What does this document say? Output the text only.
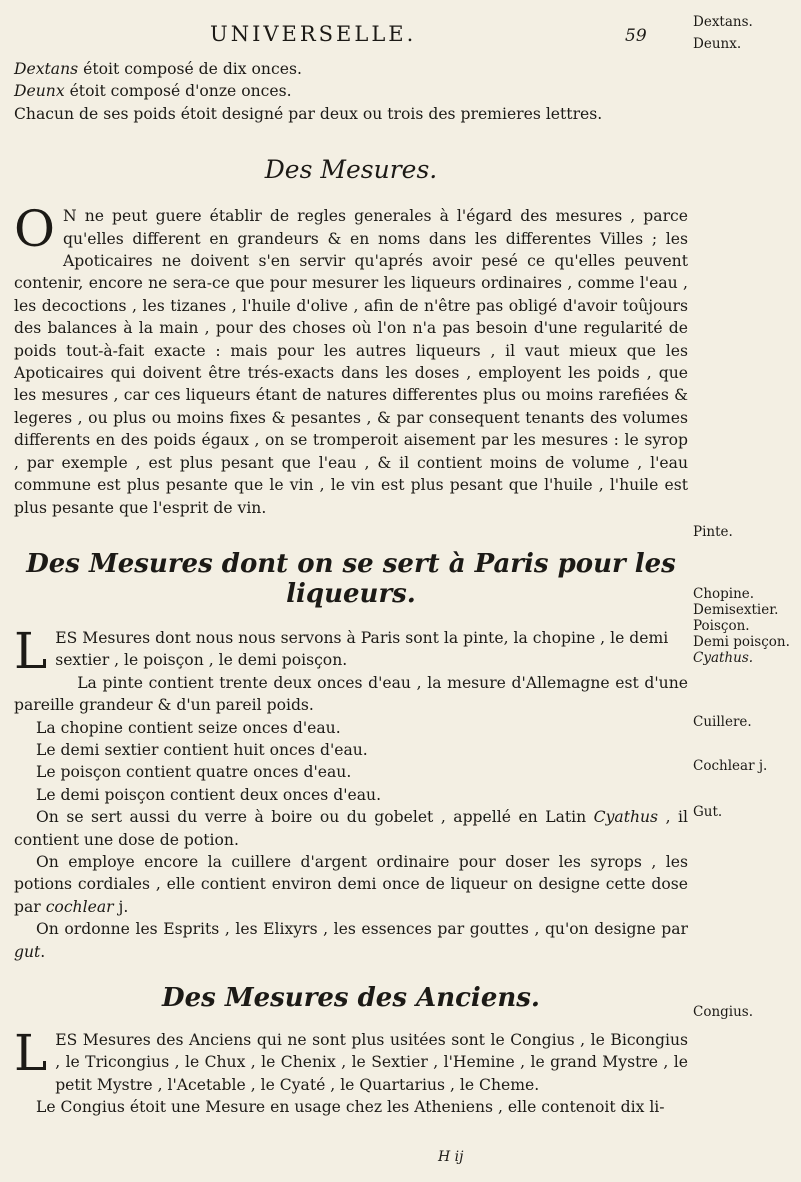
UNIVERSELLE.	59

Dextans étoit composé de dix onces.

Deunx étoit composé d'onze onces.

Chacun de ses poids étoit designé par deux ou trois des premieres lettres.

Des Mesures.

O N ne peut guere établir de regles generales à l'égard des mesures , parce qu'elles different en grandeurs & en noms dans les differentes Villes ; les Apoticaires ne doivent s'en servir qu'aprés avoir pesé ce qu'elles peuvent contenir, encore ne sera-ce que pour mesurer les liqueurs ordinaires , comme l'eau , les decoctions , les tizanes , l'huile d'olive , afin de n'être pas obligé d'avoir toûjours des balances à la main , pour des choses où l'on n'a pas besoin d'une regularité de poids tout-à-fait exacte : mais pour les autres liqueurs , il vaut mieux que les Apoticaires qui doivent être trés-exacts dans les doses , employent les poids , que les mesures , car ces liqueurs étant de natures differentes plus ou moins rarefiées & legeres , ou plus ou moins fixes & pesantes , & par consequent tenants des volumes differents en des poids égaux , on se tromperoit aisement par les mesures : le syrop , par exemple , est plus pesant que l'eau , & il contient moins de volume , l'eau commune est plus pesante que le vin , le vin est plus pesant que l'huile , l'huile est plus pesante que l'esprit de vin.

Des Mesures dont on se sert à Paris pour les liqueurs.

LES Mesures dont nous nous servons à Paris sont la pinte, la chopine , le demi sextier , le poisçon , le demi poisçon.

La pinte contient trente deux onces d'eau , la mesure d'Allemagne est d'une pareille grandeur & d'un pareil poids.

La chopine contient seize onces d'eau.

Le demi sextier contient huit onces d'eau.

Le poisçon contient quatre onces d'eau.

Le demi poisçon contient deux onces d'eau.

On se sert aussi du verre à boire ou du gobelet , appellé en Latin Cyathus , il contient une dose de potion.

On employe encore la cuillere d'argent ordinaire pour doser les syrops , les potions cordiales , elle contient environ demi once de liqueur on designe cette dose par cochlear j.

On ordonne les Esprits , les Elixyrs , les essences par gouttes , qu'on designe par gut.

Des Mesures des Anciens.

LES Mesures des Anciens qui ne sont plus usitées sont le Congius , le Bicongius , le Tricongius , le Chux , le Chenix , le Sextier , l'Hemine , le grand Mystre , le petit Mystre , l'Acetable , le Cyaté , le Quartarius , le Cheme.

Le Congius étoit une Mesure en usage chez les Atheniens , elle contenoit dix li-

Dextans.
Deunx.
Pinte.
Chopine.
Demisextier.
Poisçon.
Demi poisçon.
Cyathus.
Cuillere.
Cochlear j.
Gut.
Congius.
H ij
